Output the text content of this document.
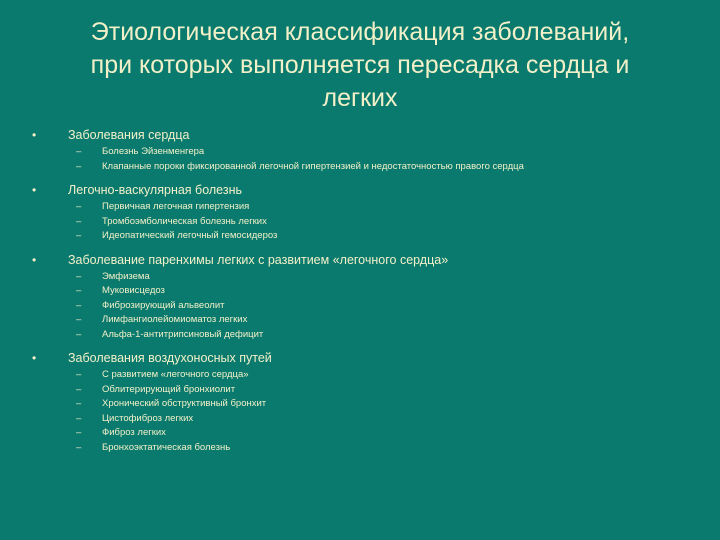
Этиологическая классификация заболеваний,
при которых выполняется пересадка сердца и
легких
•	Заболевания сердца
– Болезнь Эйзенменгера
– Клапанные пороки фиксированной легочной гипертензией и недостаточностью правого сердца
•	Легочно-васкулярная болезнь
– Первичная легочная гипертензия
– Тромбоэмболическая болезнь легких
– Идеопатический легочный гемосидероз
•	Заболевание паренхимы легких с развитием «легочного сердца»
– Эмфизема
– Муковисцедоз
– Фиброзирующий альвеолит
– Лимфангиолейомиоматоз легких
– Альфа-1-антитрипсиновый дефицит
•	Заболевания воздухоносных путей
– С развитием «легочного сердца»
– Облитерирующий бронхиолит
– Хронический обструктивный бронхит
– Цистофиброз легких
– Фиброз легких
– Бронхоэктатическая болезнь
